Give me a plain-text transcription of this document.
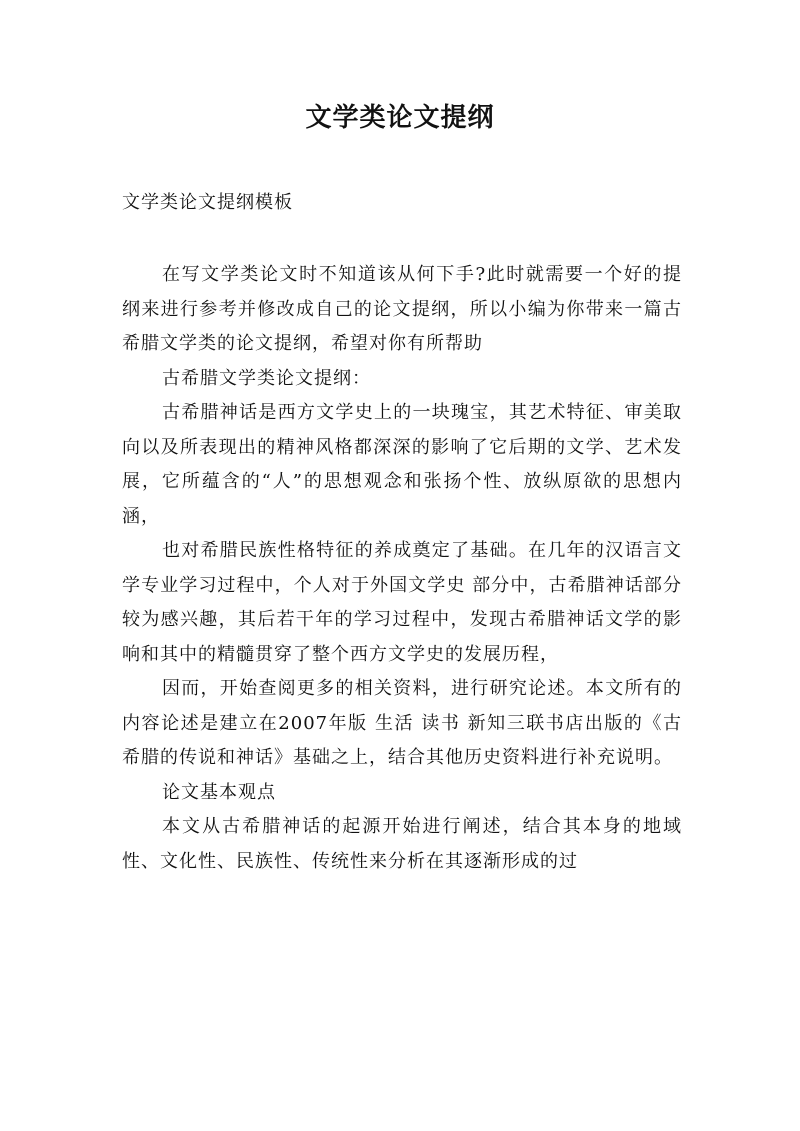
文学类论文提纲

文学类论文提纲模板

在写文学类论文时不知道该从何下手?此时就需要一个好的提纲来进行参考并修改成自己的论文提纲，所以小编为你带来一篇古希腊文学类的论文提纲，希望对你有所帮助

古希腊文学类论文提纲：

古希腊神话是西方文学史上的一块瑰宝，其艺术特征、审美取向以及所表现出的精神风格都深深的影响了它后期的文学、艺术发展，它所蕴含的“人”的思想观念和张扬个性、放纵原欲的思想内涵，

也对希腊民族性格特征的养成奠定了基础。在几年的汉语言文学专业学习过程中，个人对于外国文学史 部分中，古希腊神话部分较为感兴趣，其后若干年的学习过程中，发现古希腊神话文学的影响和其中的精髓贯穿了整个西方文学史的发展历程，

因而，开始查阅更多的相关资料，进行研究论述。本文所有的内容论述是建立在2007年版 生活 读书 新知三联书店出版的《古希腊的传说和神话》基础之上，结合其他历史资料进行补充说明。

论文基本观点

本文从古希腊神话的起源开始进行阐述，结合其本身的地域性、文化性、民族性、传统性来分析在其逐渐形成的过
